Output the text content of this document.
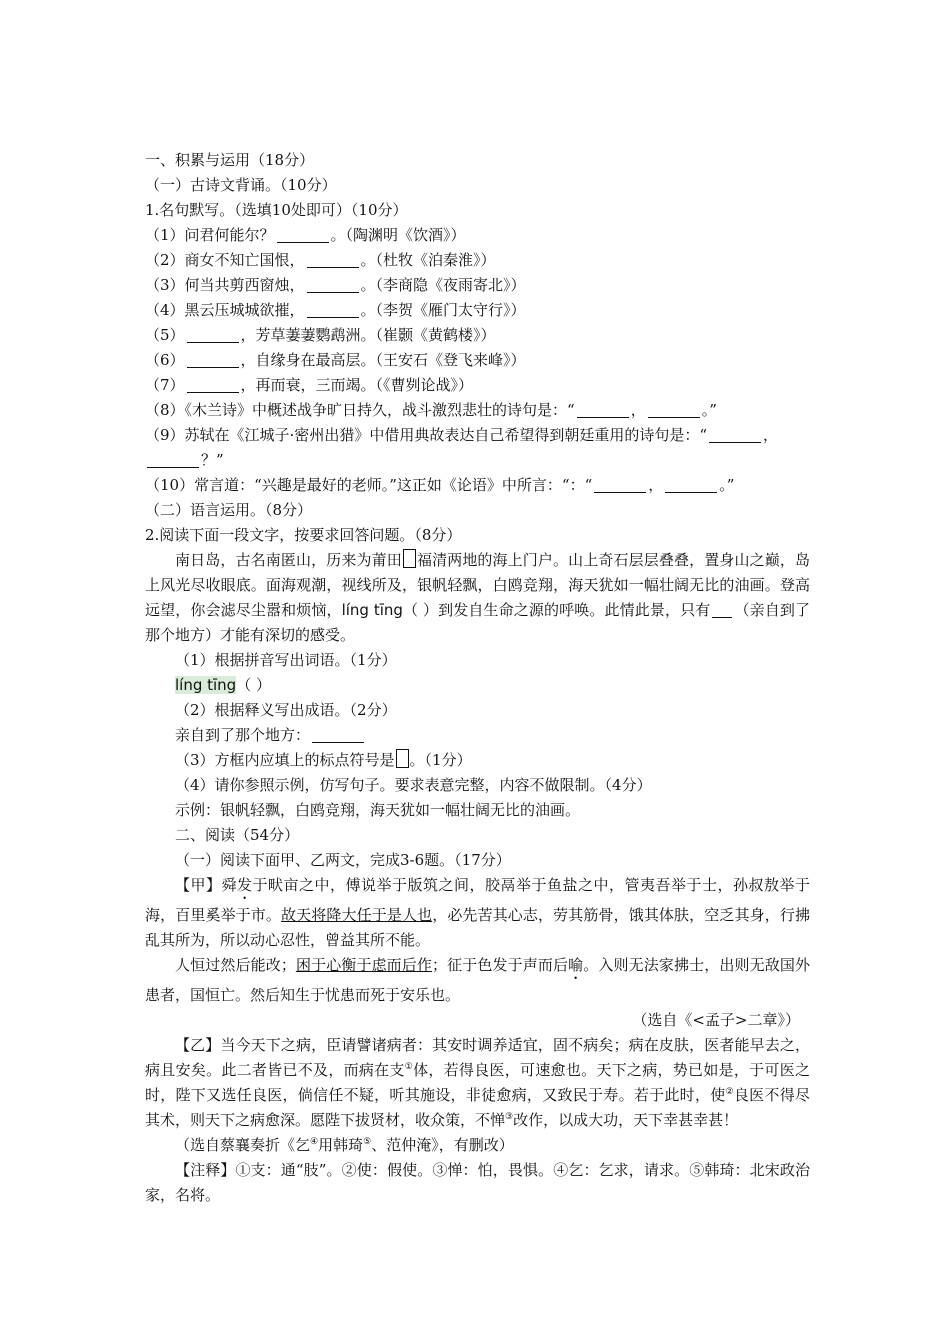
一、积累与运用（18分）
（一）古诗文背诵。（10分）
1.名句默写。（选填10处即可）（10分）
（1）问君何能尔？	。（陶渊明《饮酒》）
（2）商女不知亡国恨，	。（杜牧《泊秦淮》）
（3）何当共剪西窗烛，	。（李商隐《夜雨寄北》）
（4）黑云压城城欲摧，	。（李贺《雁门太守行》）
（5）	，芳草萋萋鹦鹉洲。（崔颢《黄鹤楼》）
（6）	，自缘身在最高层。（王安石《登飞来峰》）
（7）	，再而衰，三而竭。（《曹刿论战》）
（8）《木兰诗》中概述战争旷日持久，战斗激烈悲壮的诗句是：“	，	。”
（9）苏轼在《江城子·密州出猎》中借用典故表达自己希望得到朝廷重用的诗句是：“	，
？”
（10）常言道：“兴趣是最好的老师。”这正如《论语》中所言：“：“	，	。”
（二）语言运用。（8分）
2.阅读下面一段文字，按要求回答问题。（8分）
南日岛，古名南匿山，历来为莆田 福清两地的海上门户。山上奇石层层叠叠，置身山之巅，岛上风光尽收眼底。面海观潮，视线所及，银帆轻飘，白鸥竞翔，海天犹如一幅壮阔无比的油画。登高远望，你会滤尽尘嚣和烦恼，líng tīng（ ）到发自生命之源的呼唤。此情此景，只有 （亲自到了那个地方）才能有深切的感受。
（1）根据拼音写出词语。（1分）
líng tīng（ ）
（2）根据释义写出成语。（2分）
亲自到了那个地方：
（3）方框内应填上的标点符号是 。（1分）
（4）请你参照示例，仿写句子。要求表意完整，内容不做限制。（4分）
示例：银帆轻飘，白鸥竞翔，海天犹如一幅壮阔无比的油画。
二、阅读（54分）
（一）阅读下面甲、乙两文，完成3-6题。（17分）
【甲】舜发于畎亩之中，傅说举于版筑之间，胶鬲举于鱼盐之中，管夷吾举于士，孙叔敖举于海，百里奚举于市。故天将降大任于是人也，必先苦其心志，劳其筋骨，饿其体肤，空乏其身，行拂乱其所为，所以动心忍性，曾益其所不能。
人恒过然后能改；困于心衡于虑而后作；征于色发于声而后喻。入则无法家拂士，出则无敌国外患者，国恒亡。然后知生于忧患而死于安乐也。
（选自《<孟子>二章》）
【乙】当今天下之病，臣请譬诸病者：其安时调养适宜，固不病矣；病在皮肤，医者能早去之，病且安矣。此二者皆已不及，而病在支①体，若得良医，可速愈也。天下之病，势已如是，于可医之时，陛下又选任良医，倘信任不疑，听其施设，非徒愈病，又致民于寿。若于此时，使②良医不得尽其术，则天下之病愈深。愿陛下拔贤材，收众策，不惮③改作，以成大功，天下幸甚幸甚！
（选自蔡襄奏折《乞④用韩琦⑤、范仲淹》，有删改）
【注释】①支：通“肢”。②使：假使。③惮：怕，畏惧。④乞：乞求，请求。⑤韩琦：北宋政治家，名将。
